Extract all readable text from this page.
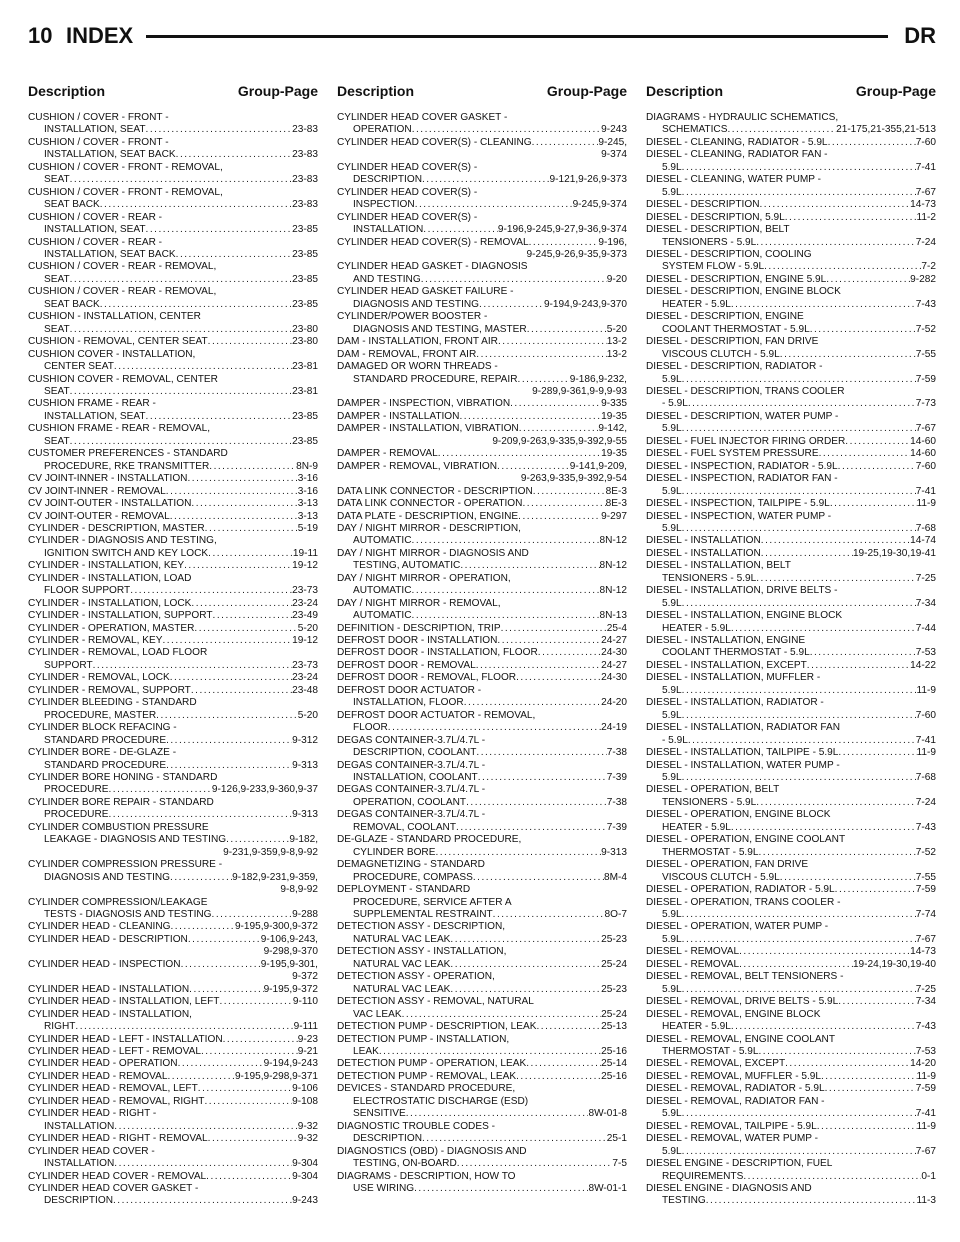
10 INDEX	DR
Description	Group-Page
CUSHION / COVER - FRONT -
INSTALLATION, SEAT .....	23-83
CUSHION / COVER - FRONT -
INSTALLATION, SEAT BACK .....	23-83
CUSHION / COVER - FRONT - REMOVAL,
SEAT .....	23-83
CUSHION / COVER - FRONT - REMOVAL,
SEAT BACK .....	23-83
CUSHION / COVER - REAR -
INSTALLATION, SEAT .....	23-85
CUSHION / COVER - REAR -
INSTALLATION, SEAT BACK .....	23-85
CUSHION / COVER - REAR - REMOVAL,
SEAT .....	23-85
CUSHION / COVER - REAR - REMOVAL,
SEAT BACK .....	23-85
CUSHION - INSTALLATION, CENTER
SEAT .....	23-80
CUSHION - REMOVAL, CENTER SEAT .....	23-80
CUSHION COVER - INSTALLATION,
CENTER SEAT .....	23-81
CUSHION COVER - REMOVAL, CENTER
SEAT .....	23-81
CUSHION FRAME - REAR -
INSTALLATION, SEAT .....	23-85
CUSHION FRAME - REAR - REMOVAL,
SEAT .....	23-85
CUSTOMER PREFERENCES - STANDARD
PROCEDURE, RKE TRANSMITTER .....	8N-9
CV JOINT-INNER - INSTALLATION .....	3-16
CV JOINT-INNER - REMOVAL .....	3-16
CV JOINT-OUTER - INSTALLATION .....	3-13
CV JOINT-OUTER - REMOVAL .....	3-13
CYLINDER - DESCRIPTION, MASTER .....	5-19
CYLINDER - DIAGNOSIS AND TESTING,
IGNITION SWITCH AND KEY LOCK .....	19-11
CYLINDER - INSTALLATION, KEY .....	19-12
CYLINDER - INSTALLATION, LOAD
FLOOR SUPPORT .....	23-73
CYLINDER - INSTALLATION, LOCK .....	23-24
CYLINDER - INSTALLATION, SUPPORT .....	23-49
CYLINDER - OPERATION, MASTER .....	5-20
CYLINDER - REMOVAL, KEY .....	19-12
CYLINDER - REMOVAL, LOAD FLOOR
SUPPORT .....	23-73
CYLINDER - REMOVAL, LOCK .....	23-24
CYLINDER - REMOVAL, SUPPORT .....	23-48
CYLINDER BLEEDING - STANDARD
PROCEDURE, MASTER .....	5-20
CYLINDER BLOCK REFACING -
STANDARD PROCEDURE .....	9-312
CYLINDER BORE - DE-GLAZE -
STANDARD PROCEDURE .....	9-313
CYLINDER BORE HONING - STANDARD
PROCEDURE .....	9-126,9-233,9-360,9-37
CYLINDER BORE REPAIR - STANDARD
PROCEDURE .....	9-313
CYLINDER COMBUSTION PRESSURE
LEAKAGE - DIAGNOSIS AND TESTING .....	9-182,
9-231,9-359,9-8,9-92
CYLINDER COMPRESSION PRESSURE -
DIAGNOSIS AND TESTING .....	9-182,9-231,9-359,
9-8,9-92
CYLINDER COMPRESSION/LEAKAGE
TESTS - DIAGNOSIS AND TESTING .....	9-288
CYLINDER HEAD - CLEANING .....	9-195,9-300,9-372
CYLINDER HEAD - DESCRIPTION .....	9-106,9-243,
9-298,9-370
CYLINDER HEAD - INSPECTION .....	9-195,9-301,
9-372
CYLINDER HEAD - INSTALLATION .....	9-195,9-372
CYLINDER HEAD - INSTALLATION, LEFT .....	9-110
CYLINDER HEAD - INSTALLATION,
RIGHT .....	9-111
CYLINDER HEAD - LEFT - INSTALLATION .....	9-23
CYLINDER HEAD - LEFT - REMOVAL .....	9-21
CYLINDER HEAD - OPERATION .....	9-194,9-243
CYLINDER HEAD - REMOVAL .....	9-195,9-298,9-371
CYLINDER HEAD - REMOVAL, LEFT .....	9-106
CYLINDER HEAD - REMOVAL, RIGHT .....	9-108
CYLINDER HEAD - RIGHT -
INSTALLATION .....	9-32
CYLINDER HEAD - RIGHT - REMOVAL .....	9-32
CYLINDER HEAD COVER -
INSTALLATION .....	9-304
CYLINDER HEAD COVER - REMOVAL .....	9-304
CYLINDER HEAD COVER GASKET -
DESCRIPTION .....	9-243
Description	Group-Page
CYLINDER HEAD COVER GASKET -
OPERATION .....	9-243
CYLINDER HEAD COVER(S) - CLEANING .....	9-245,
9-374
CYLINDER HEAD COVER(S) -
DESCRIPTION .....	9-121,9-26,9-373
CYLINDER HEAD COVER(S) -
INSPECTION .....	9-245,9-374
CYLINDER HEAD COVER(S) -
INSTALLATION .....	9-196,9-245,9-27,9-36,9-374
CYLINDER HEAD COVER(S) - REMOVAL .....	9-196,
9-245,9-26,9-35,9-373
CYLINDER HEAD GASKET - DIAGNOSIS
AND TESTING .....	9-20
CYLINDER HEAD GASKET FAILURE -
DIAGNOSIS AND TESTING .....	9-194,9-243,9-370
CYLINDER/POWER BOOSTER -
DIAGNOSIS AND TESTING, MASTER .....	5-20
DAM - INSTALLATION, FRONT AIR .....	13-2
DAM - REMOVAL, FRONT AIR .....	13-2
DAMAGED OR WORN THREADS -
STANDARD PROCEDURE, REPAIR .....	9-186,9-232,
9-289,9-361,9-9,9-93
DAMPER - INSPECTION, VIBRATION .....	9-335
DAMPER - INSTALLATION .....	19-35
DAMPER - INSTALLATION, VIBRATION .....	9-142,
9-209,9-263,9-335,9-392,9-55
DAMPER - REMOVAL .....	19-35
DAMPER - REMOVAL, VIBRATION .....	9-141,9-209,
9-263,9-335,9-392,9-54
DATA LINK CONNECTOR - DESCRIPTION .....	8E-3
DATA LINK CONNECTOR - OPERATION .....	8E-3
DATA PLATE - DESCRIPTION, ENGINE .....	9-297
DAY / NIGHT MIRROR - DESCRIPTION,
AUTOMATIC .....	8N-12
DAY / NIGHT MIRROR - DIAGNOSIS AND
TESTING, AUTOMATIC .....	8N-12
DAY / NIGHT MIRROR - OPERATION,
AUTOMATIC .....	8N-12
DAY / NIGHT MIRROR - REMOVAL,
AUTOMATIC .....	8N-13
DEFINITION - DESCRIPTION, TRIP .....	25-4
DEFROST DOOR - INSTALLATION .....	24-27
DEFROST DOOR - INSTALLATION, FLOOR .....	24-30
DEFROST DOOR - REMOVAL .....	24-27
DEFROST DOOR - REMOVAL, FLOOR .....	24-30
DEFROST DOOR ACTUATOR -
INSTALLATION, FLOOR .....	24-20
DEFROST DOOR ACTUATOR - REMOVAL,
FLOOR .....	24-19
DEGAS CONTAINER-3.7L/4.7L -
DESCRIPTION, COOLANT .....	7-38
DEGAS CONTAINER-3.7L/4.7L -
INSTALLATION, COOLANT .....	7-39
DEGAS CONTAINER-3.7L/4.7L -
OPERATION, COOLANT .....	7-38
DEGAS CONTAINER-3.7L/4.7L -
REMOVAL, COOLANT .....	7-39
DE-GLAZE - STANDARD PROCEDURE,
CYLINDER BORE .....	9-313
DEMAGNETIZING - STANDARD
PROCEDURE, COMPASS .....	8M-4
DEPLOYMENT - STANDARD
PROCEDURE, SERVICE AFTER A
SUPPLEMENTAL RESTRAINT .....	8O-7
DETECTION ASSY - DESCRIPTION,
NATURAL VAC LEAK .....	25-23
DETECTION ASSY - INSTALLATION,
NATURAL VAC LEAK .....	25-24
DETECTION ASSY - OPERATION,
NATURAL VAC LEAK .....	25-23
DETECTION ASSY - REMOVAL, NATURAL
VAC LEAK .....	25-24
DETECTION PUMP - DESCRIPTION, LEAK .....	25-13
DETECTION PUMP - INSTALLATION,
LEAK .....	25-16
DETECTION PUMP - OPERATION, LEAK .....	25-14
DETECTION PUMP - REMOVAL, LEAK .....	25-16
DEVICES - STANDARD PROCEDURE,
ELECTROSTATIC DISCHARGE (ESD)
SENSITIVE .....	8W-01-8
DIAGNOSTIC TROUBLE CODES -
DESCRIPTION .....	25-1
DIAGNOSTICS (OBD) - DIAGNOSIS AND
TESTING, ON-BOARD .....	7-5
DIAGRAMS - DESCRIPTION, HOW TO
USE WIRING .....	8W-01-1
Description	Group-Page
DIAGRAMS - HYDRAULIC SCHEMATICS,
SCHEMATICS .....	21-175,21-355,21-513
DIESEL - CLEANING, RADIATOR - 5.9L .....	7-60
DIESEL - CLEANING, RADIATOR FAN -
5.9L .....	7-41
DIESEL - CLEANING, WATER PUMP -
5.9L .....	7-67
DIESEL - DESCRIPTION .....	14-73
DIESEL - DESCRIPTION, 5.9L .....	11-2
DIESEL - DESCRIPTION, BELT
TENSIONERS - 5.9L .....	7-24
DIESEL - DESCRIPTION, COOLING
SYSTEM FLOW - 5.9L .....	7-2
DIESEL - DESCRIPTION, ENGINE 5.9L .....	9-282
DIESEL - DESCRIPTION, ENGINE BLOCK
HEATER - 5.9L .....	7-43
DIESEL - DESCRIPTION, ENGINE
COOLANT THERMOSTAT - 5.9L .....	7-52
DIESEL - DESCRIPTION, FAN DRIVE
VISCOUS CLUTCH - 5.9L .....	7-55
DIESEL - DESCRIPTION, RADIATOR -
5.9L .....	7-59
DIESEL - DESCRIPTION, TRANS COOLER
- 5.9L .....	7-73
DIESEL - DESCRIPTION, WATER PUMP -
5.9L .....	7-67
DIESEL - FUEL INJECTOR FIRING ORDER .....	14-60
DIESEL - FUEL SYSTEM PRESSURE .....	14-60
DIESEL - INSPECTION, RADIATOR - 5.9L .....	7-60
DIESEL - INSPECTION, RADIATOR FAN -
5.9L .....	7-41
DIESEL - INSPECTION, TAILPIPE - 5.9L .....	11-9
DIESEL - INSPECTION, WATER PUMP -
5.9L .....	7-68
DIESEL - INSTALLATION .....	14-74
DIESEL - INSTALLATION .....	19-25,19-30,19-41
DIESEL - INSTALLATION, BELT
TENSIONERS - 5.9L .....	7-25
DIESEL - INSTALLATION, DRIVE BELTS -
5.9L .....	7-34
DIESEL - INSTALLATION, ENGINE BLOCK
HEATER - 5.9L .....	7-44
DIESEL - INSTALLATION, ENGINE
COOLANT THERMOSTAT - 5.9L .....	7-53
DIESEL - INSTALLATION, EXCEPT .....	14-22
DIESEL - INSTALLATION, MUFFLER -
5.9L .....	11-9
DIESEL - INSTALLATION, RADIATOR -
5.9L .....	7-60
DIESEL - INSTALLATION, RADIATOR FAN
- 5.9L .....	7-41
DIESEL - INSTALLATION, TAILPIPE - 5.9L .....	11-9
DIESEL - INSTALLATION, WATER PUMP -
5.9L .....	7-68
DIESEL - OPERATION, BELT
TENSIONERS - 5.9L .....	7-24
DIESEL - OPERATION, ENGINE BLOCK
HEATER - 5.9L .....	7-43
DIESEL - OPERATION, ENGINE COOLANT
THERMOSTAT - 5.9L .....	7-52
DIESEL - OPERATION, FAN DRIVE
VISCOUS CLUTCH - 5.9L .....	7-55
DIESEL - OPERATION, RADIATOR - 5.9L .....	7-59
DIESEL - OPERATION, TRANS COOLER -
5.9L .....	7-74
DIESEL - OPERATION, WATER PUMP -
5.9L .....	7-67
DIESEL - REMOVAL .....	14-73
DIESEL - REMOVAL .....	19-24,19-30,19-40
DIESEL - REMOVAL, BELT TENSIONERS -
5.9L .....	7-25
DIESEL - REMOVAL, DRIVE BELTS - 5.9L .....	7-34
DIESEL - REMOVAL, ENGINE BLOCK
HEATER - 5.9L .....	7-43
DIESEL - REMOVAL, ENGINE COOLANT
THERMOSTAT - 5.9L .....	7-53
DIESEL - REMOVAL, EXCEPT .....	14-20
DIESEL - REMOVAL, MUFFLER - 5.9L .....	11-9
DIESEL - REMOVAL, RADIATOR - 5.9L .....	7-59
DIESEL - REMOVAL, RADIATOR FAN -
5.9L .....	7-41
DIESEL - REMOVAL, TAILPIPE - 5.9L .....	11-9
DIESEL - REMOVAL, WATER PUMP -
5.9L .....	7-67
DIESEL ENGINE - DESCRIPTION, FUEL
REQUIREMENTS .....	0-1
DIESEL ENGINE - DIAGNOSIS AND
TESTING .....	11-3
